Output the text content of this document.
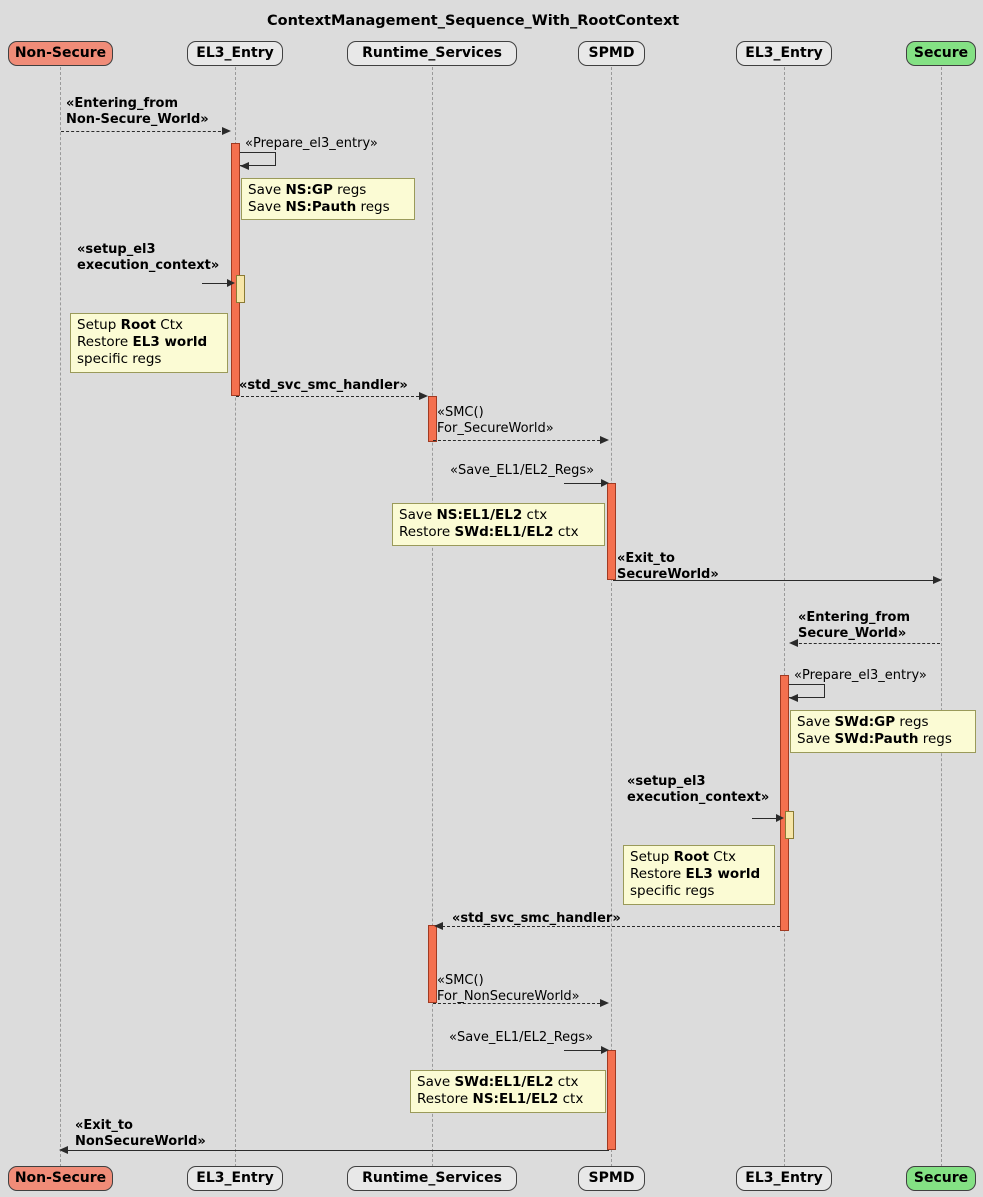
ContextManagement_Sequence_With_RootContext
Non-Secure	EL3_Entry	Runtime_Services	SPMD	EL3_Entry	Secure
Non-Secure	EL3_Entry	Runtime_Services	SPMD	EL3_Entry	Secure
«Entering_from
Non-Secure_World»
«Prepare_el3_entry»
Save NS:GP regs
Save NS:Pauth regs
«setup_el3
execution_context»
Setup Root Ctx
Restore EL3 world
specific regs
«std_svc_smc_handler»
«SMC()
For_SecureWorld»
«Save_EL1/EL2_Regs»
Save NS:EL1/EL2 ctx
Restore SWd:EL1/EL2 ctx
«Exit_to
SecureWorld»
«Entering_from
Secure_World»
«Prepare_el3_entry»
Save SWd:GP regs
Save SWd:Pauth regs
«setup_el3
execution_context»
Setup Root Ctx
Restore EL3 world
specific regs
«std_svc_smc_handler»
«SMC()
For_NonSecureWorld»
«Save_EL1/EL2_Regs»
Save SWd:EL1/EL2 ctx
Restore NS:EL1/EL2 ctx
«Exit_to
NonSecureWorld»
